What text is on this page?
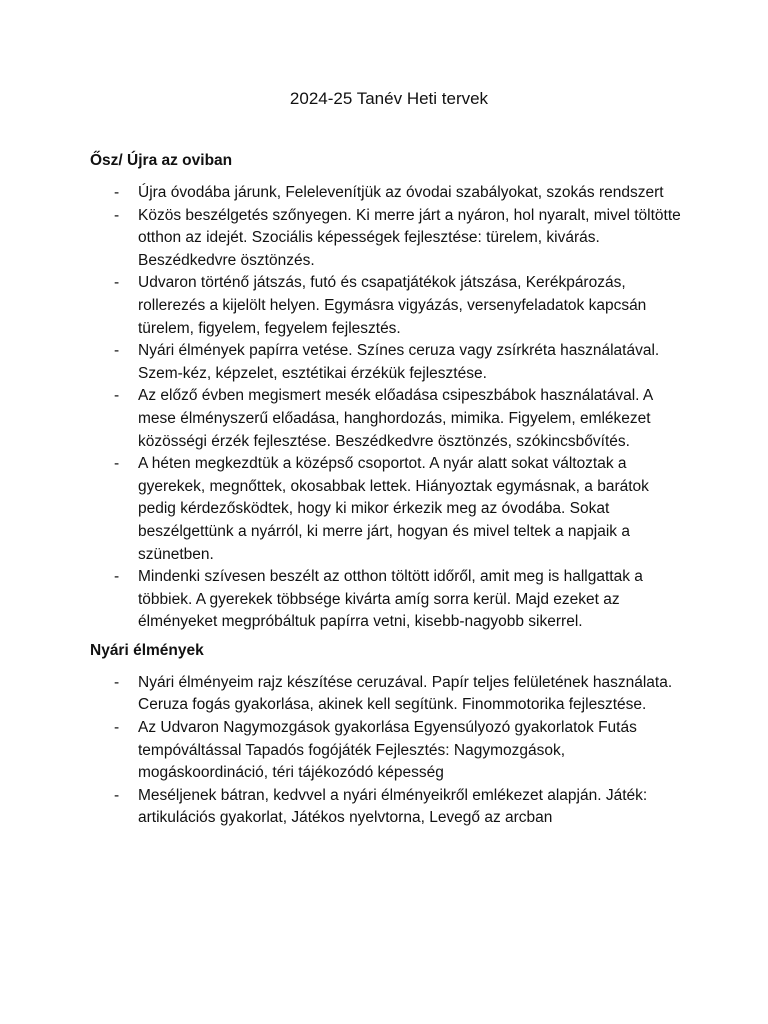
2024-25 Tanév Heti tervek
Ősz/ Újra az oviban
- Újra óvodába járunk, Felelevenítjük az óvodai szabályokat, szokás rendszert
- Közös beszélgetés szőnyegen. Ki merre járt a nyáron, hol nyaralt, mivel töltötte otthon az idejét. Szociális képességek fejlesztése: türelem, kivárás. Beszédkedvre ösztönzés.
- Udvaron történő játszás, futó és csapatjátékok játszása, Kerékpározás, rollerezés a kijelölt helyen. Egymásra vigyázás, versenyfeladatok kapcsán türelem, figyelem, fegyelem fejlesztés.
- Nyári élmények papírra vetése. Színes ceruza vagy zsírkréta használatával. Szem-kéz, képzelet, esztétikai érzékük fejlesztése.
- Az előző évben megismert mesék előadása csipeszbábok használatával. A mese élményszerű előadása, hanghordozás, mimika. Figyelem, emlékezet közösségi érzék fejlesztése. Beszédkedvre ösztönzés, szókincsbővítés.
- A héten megkezdtük a középső csoportot. A nyár alatt sokat változtak a gyerekek, megnőttek, okosabbak lettek. Hiányoztak egymásnak, a barátok pedig kérdezősködtek, hogy ki mikor érkezik meg az óvodába. Sokat beszélgettünk a nyárról, ki merre járt, hogyan és mivel teltek a napjaik a szünetben.
- Mindenki szívesen beszélt az otthon töltött időről, amit meg is hallgattak a többiek. A gyerekek többsége kivárta amíg sorra kerül. Majd ezeket az élményeket megpróbáltuk papírra vetni, kisebb-nagyobb sikerrel.
Nyári élmények
- Nyári élményeim rajz készítése ceruzával. Papír teljes felületének használata. Ceruza fogás gyakorlása, akinek kell segítünk. Finommotorika fejlesztése.
- Az Udvaron Nagymozgások gyakorlása Egyensúlyozó gyakorlatok Futás tempóváltással Tapadós fogójáték Fejlesztés: Nagymozgások, mogáskoordináció, téri tájékozódó képesség
- Meséljenek bátran, kedvvel a nyári élményeikről emlékezet alapján. Játék: artikulációs gyakorlat, Játékos nyelvtorna, Levegő az arcban
